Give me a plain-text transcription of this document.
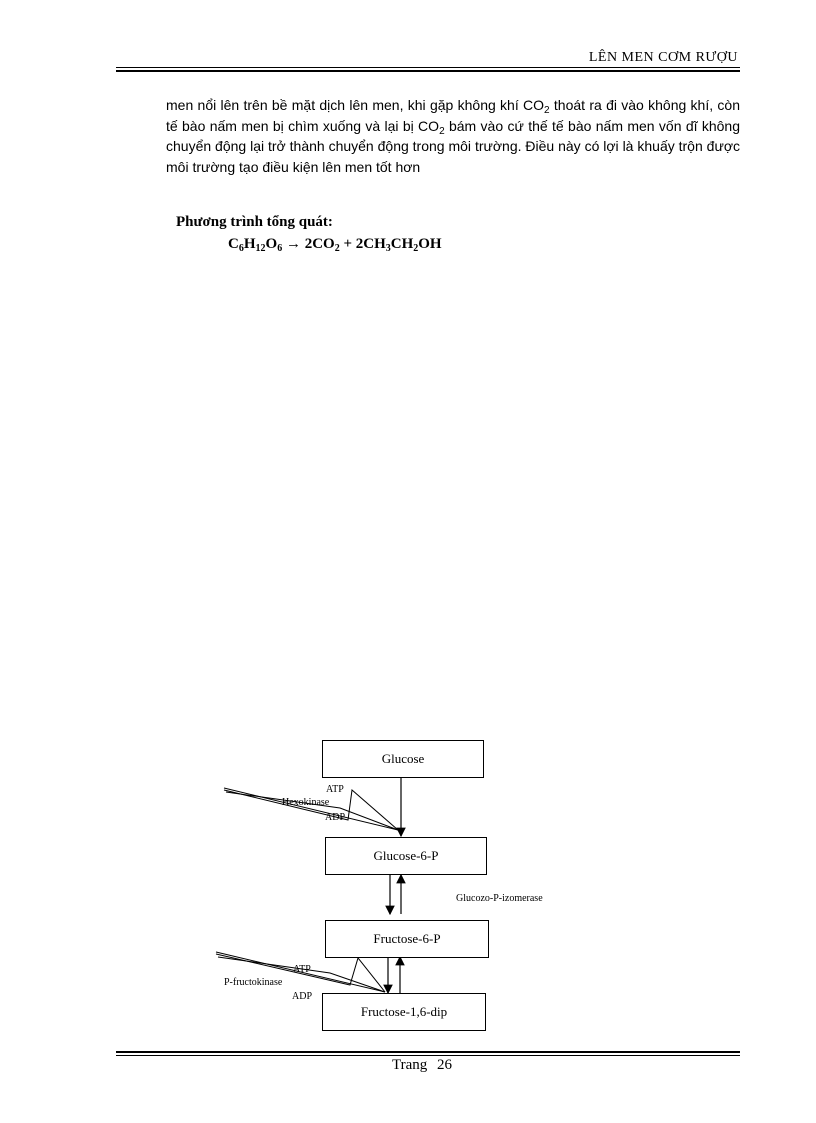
LÊN MEN CƠM RƯỢU
men nổi lên trên bề mặt dịch lên men, khi gặp không khí $CO_2$ thoát ra đi vào không khí, còn tế bào nấm men bị chìm xuống và lại bị $CO_2$ bám vào cứ thế tế bào nấm men vốn dĩ không chuyển động lại trở thành chuyển động trong môi trường. Điều này có lợi là khuấy trộn được môi trường tạo điều kiện lên men tốt hơn
Phương trình tổng quát:
$C_6H_{12}O_6 \to 2CO_2 + 2CH_3CH_2OH$
Glucose
Glucose-6-P
Fructose-6-P
Fructose-1,6-dip
ATP
Hexokinase
ADP
Glucozo-P-izomerase
ATP
P-fructokinase
ADP
Trang 26
